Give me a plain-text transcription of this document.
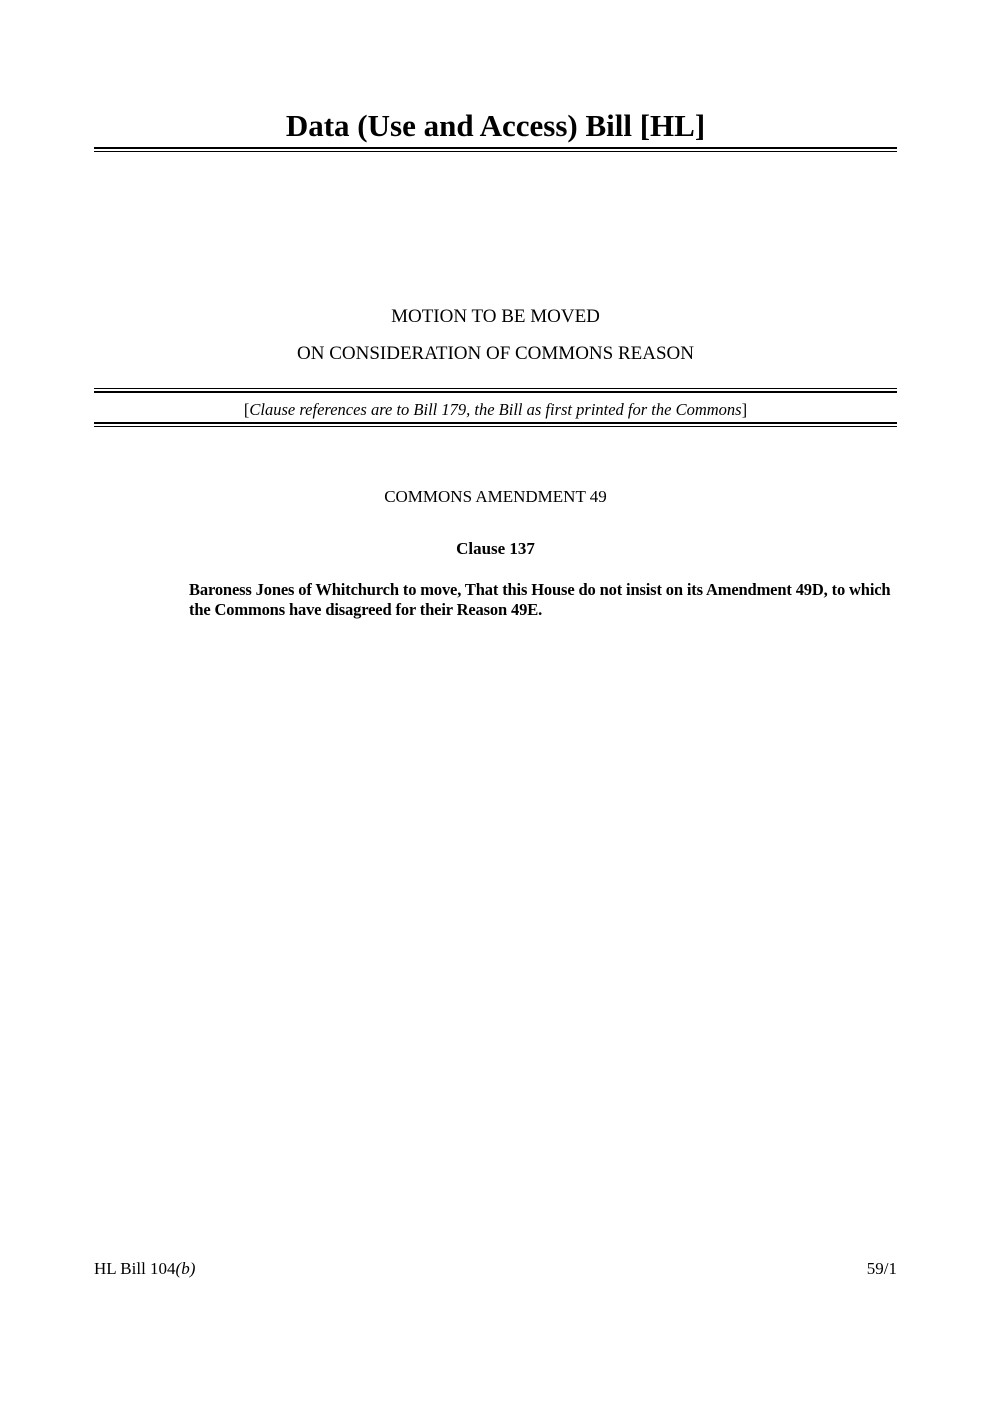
Data (Use and Access) Bill [HL]
MOTION TO BE MOVED
ON CONSIDERATION OF COMMONS REASON
[Clause references are to Bill 179, the Bill as first printed for the Commons]
COMMONS AMENDMENT 49
Clause 137
Baroness Jones of Whitchurch to move, That this House do not insist on its Amendment 49D, to which the Commons have disagreed for their Reason 49E.
HL Bill 104(b)	59/1
